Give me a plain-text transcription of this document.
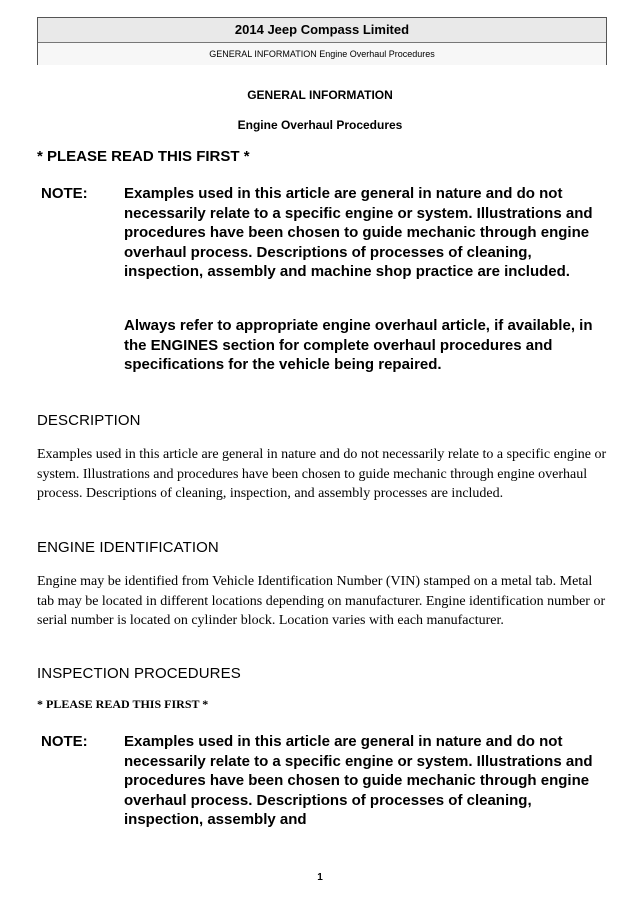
2014 Jeep Compass Limited
GENERAL INFORMATION Engine Overhaul Procedures
GENERAL INFORMATION
Engine Overhaul Procedures
* PLEASE READ THIS FIRST *
NOTE: Examples used in this article are general in nature and do not necessarily relate to a specific engine or system. Illustrations and procedures have been chosen to guide mechanic through engine overhaul process. Descriptions of processes of cleaning, inspection, assembly and machine shop practice are included.

Always refer to appropriate engine overhaul article, if available, in the ENGINES section for complete overhaul procedures and specifications for the vehicle being repaired.

DESCRIPTION

Examples used in this article are general in nature and do not necessarily relate to a specific engine or system. Illustrations and procedures have been chosen to guide mechanic through engine overhaul process. Descriptions of cleaning, inspection, and assembly processes are included.

ENGINE IDENTIFICATION

Engine may be identified from Vehicle Identification Number (VIN) stamped on a metal tab. Metal tab may be located in different locations depending on manufacturer. Engine identification number or serial number is located on cylinder block. Location varies with each manufacturer.

INSPECTION PROCEDURES
* PLEASE READ THIS FIRST *
NOTE: Examples used in this article are general in nature and do not necessarily relate to a specific engine or system. Illustrations and procedures have been chosen to guide mechanic through engine overhaul process. Descriptions of processes of cleaning, inspection, assembly and

1
